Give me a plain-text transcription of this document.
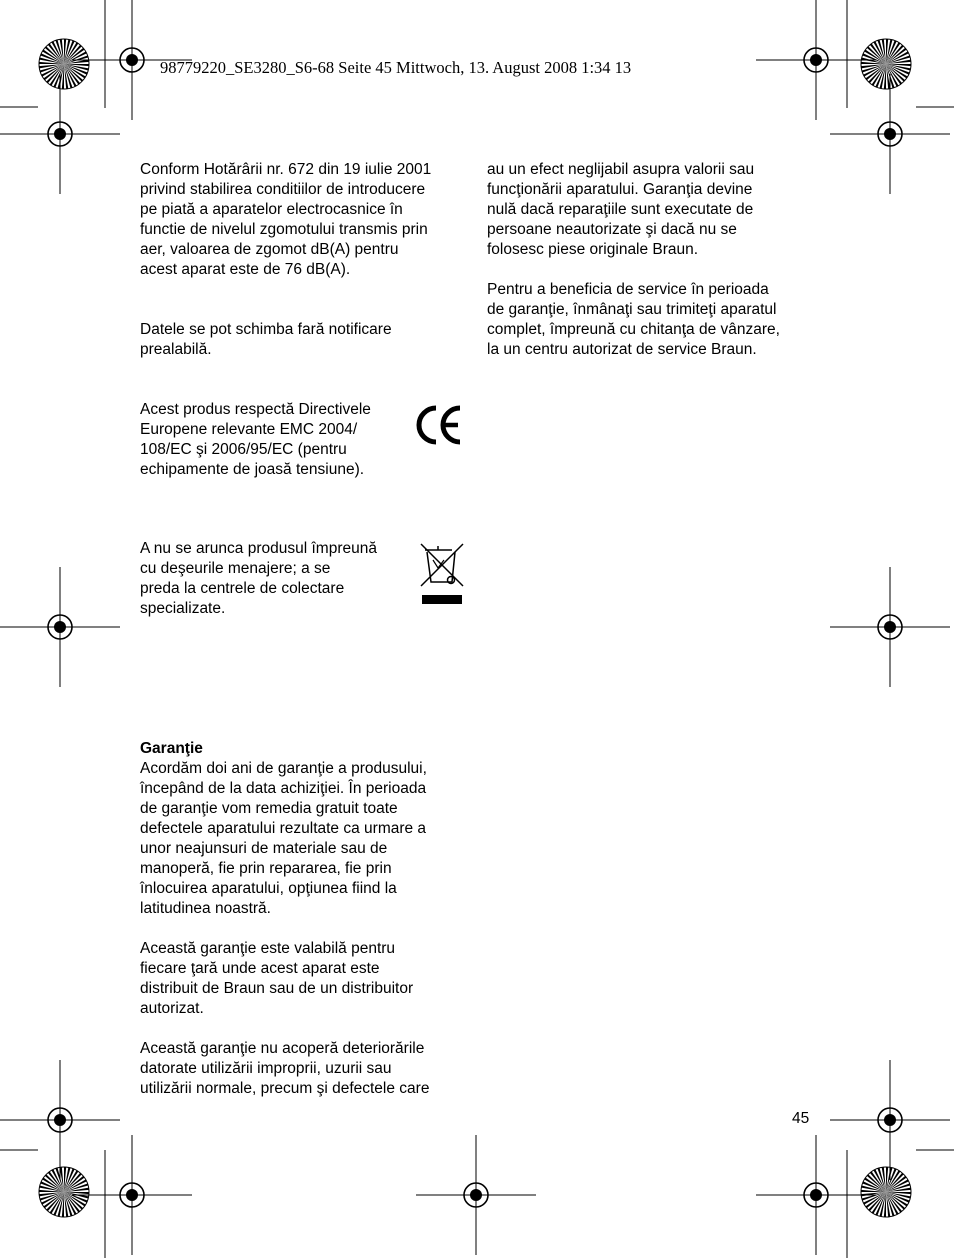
98779220_SE3280_S6-68 Seite 45 Mittwoch, 13. August 2008 1:34 13

Conform Hotărârii nr. 672 din 19 iulie 2001

privind stabilirea conditiilor de introducere

pe piată a aparatelor electrocasnice în

functie de nivelul zgomotului transmis prin

aer, valoarea de zgomot dB(A) pentru

acest aparat este de 76 dB(A).

Datele se pot schimba fară notificare

prealabilă.

Acest produs respectă Directivele

Europene relevante EMC 2004/

108/EC şi 2006/95/EC (pentru

echipamente de joasă tensiune).

A nu se arunca produsul împreună

cu deşeurile menajere; a se

preda la centrele de colectare

specializate.

Garanţie

Acordăm doi ani de garanţie a produsului,

începând de la data achiziţiei. În perioada

de garanţie vom remedia gratuit toate

defectele aparatului rezultate ca urmare a

unor neajunsuri de materiale sau de

manoperă, fie prin repararea, fie prin

înlocuirea aparatului, opţiunea fiind la

latitudinea noastră.

Această garanţie este valabilă pentru

fiecare ţară unde acest aparat este

distribuit de Braun sau de un distribuitor

autorizat.

Această garanţie nu acoperă deteriorările

datorate utilizării improprii, uzurii sau

utilizării normale, precum şi defectele care

au un efect neglijabil asupra valorii sau

funcţionării aparatului. Garanţia devine

nulă dacă reparaţiile sunt executate de

persoane neautorizate şi dacă nu se

folosesc piese originale Braun.

Pentru a beneficia de service în perioada

de garanţie, înmânaţi sau trimiteţi aparatul

complet, împreună cu chitanţa de vânzare,

la un centru autorizat de service Braun.

45
